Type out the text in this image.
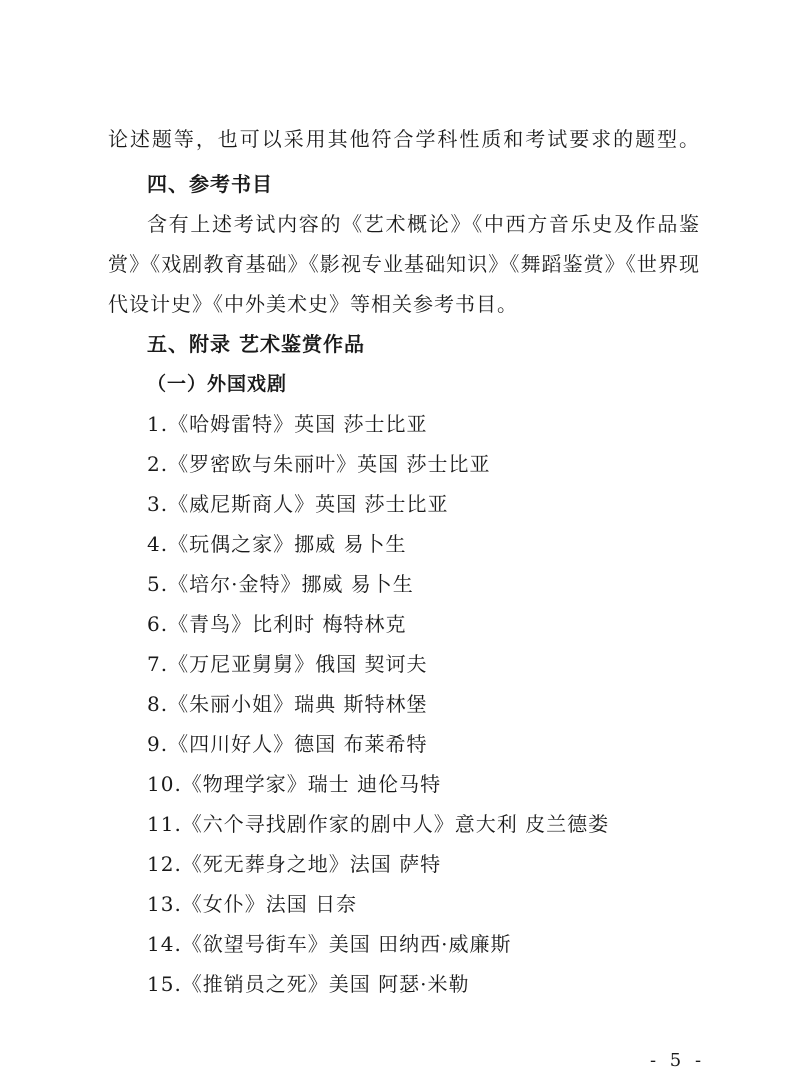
论述题等，也可以采用其他符合学科性质和考试要求的题型。
四、参考书目
含有上述考试内容的《艺术概论》《中西方音乐史及作品鉴
赏》《戏剧教育基础》《影视专业基础知识》《舞蹈鉴赏》《世界现
代设计史》《中外美术史》等相关参考书目。
五、附录 艺术鉴赏作品
（一）外国戏剧
1.《哈姆雷特》英国 莎士比亚
2.《罗密欧与朱丽叶》英国 莎士比亚
3.《威尼斯商人》英国 莎士比亚
4.《玩偶之家》挪威 易卜生
5.《培尔·金特》挪威 易卜生
6.《青鸟》比利时 梅特林克
7.《万尼亚舅舅》俄国 契诃夫
8.《朱丽小姐》瑞典 斯特林堡
9.《四川好人》德国 布莱希特
10.《物理学家》瑞士 迪伦马特
11.《六个寻找剧作家的剧中人》意大利 皮兰德娄
12.《死无葬身之地》法国 萨特
13.《女仆》法国 日奈
14.《欲望号街车》美国 田纳西·威廉斯
15.《推销员之死》美国 阿瑟·米勒
- 5 -
